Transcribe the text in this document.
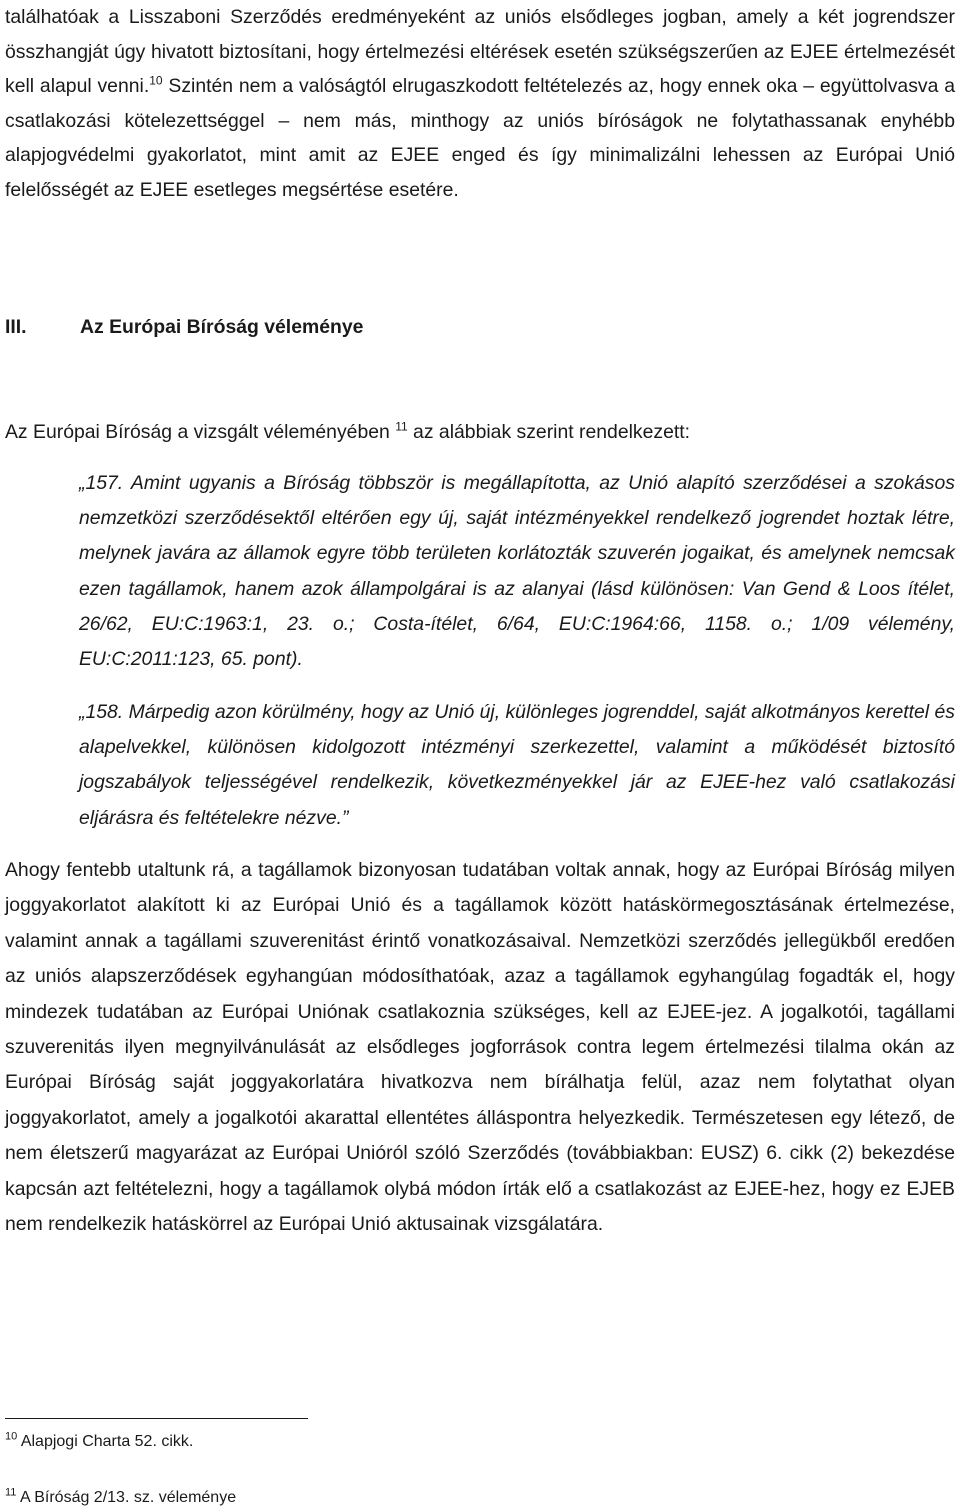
találhatóak a Lisszaboni Szerződés eredményeként az uniós elsődleges jogban, amely a két jogrendszer összhangját úgy hivatott biztosítani, hogy értelmezési eltérések esetén szükségszerűen az EJEE értelmezését kell alapul venni.$^{10}$ Szintén nem a valóságtól elrugaszkodott feltételezés az, hogy ennek oka – együttolvasva a csatlakozási kötelezettséggel – nem más, minthogy az uniós bíróságok ne folytathassanak enyhébb alapjogvédelmi gyakorlatot, mint amit az EJEE enged és így minimalizálni lehessen az Európai Unió felelősségét az EJEE esetleges megsértése esetére.

III.	Az Európai Bíróság véleménye
Az Európai Bíróság a vizsgált véleményében $^{11}$ az alábbiak szerint rendelkezett:

„157. Amint ugyanis a Bíróság többször is megállapította, az Unió alapító szerződései a szokásos nemzetközi szerződésektől eltérően egy új, saját intézményekkel rendelkező jogrendet hoztak létre, melynek javára az államok egyre több területen korlátozták szuverén jogaikat, és amelynek nemcsak ezen tagállamok, hanem azok állampolgárai is az alanyai (lásd különösen: Van Gend & Loos ítélet, 26/62, EU:C:1963:1, 23. o.; Costa‑ítélet, 6/64, EU:C:1964:66, 1158. o.; 1/09 vélemény, EU:C:2011:123, 65. pont).

„158. Márpedig azon körülmény, hogy az Unió új, különleges jogrenddel, saját alkotmányos kerettel és alapelvekkel, különösen kidolgozott intézményi szerkezettel, valamint a működését biztosító jogszabályok teljességével rendelkezik, következményekkel jár az EJEE‑hez való csatlakozási eljárásra és feltételekre nézve.”

Ahogy fentebb utaltunk rá, a tagállamok bizonyosan tudatában voltak annak, hogy az Európai Bíróság milyen joggyakorlatot alakított ki az Európai Unió és a tagállamok között hatáskörmegosztásának értelmezése, valamint annak a tagállami szuverenitást érintő vonatkozásaival. Nemzetközi szerződés jellegükből eredően az uniós alapszerződések egyhangúan módosíthatóak, azaz a tagállamok egyhangúlag fogadták el, hogy mindezek tudatában az Európai Uniónak csatlakoznia szükséges, kell az EJEE-jez. A jogalkotói, tagállami szuverenitás ilyen megnyilvánulását az elsődleges jogforrások contra legem értelmezési tilalma okán az Európai Bíróság saját joggyakorlatára hivatkozva nem bírálhatja felül, azaz nem folytathat olyan joggyakorlatot, amely a jogalkotói akarattal ellentétes álláspontra helyezkedik. Természetesen egy létező, de nem életszerű magyarázat az Európai Unióról szóló Szerződés (továbbiakban: EUSZ) 6. cikk (2) bekezdése kapcsán azt feltételezni, hogy a tagállamok olybá módon írták elő a csatlakozást az EJEE-hez, hogy ez EJEB nem rendelkezik hatáskörrel az Európai Unió aktusainak vizsgálatára.

$^{10}$ Alapjogi Charta 52. cikk.
$^{11}$ A Bíróság 2/13. sz. véleménye
